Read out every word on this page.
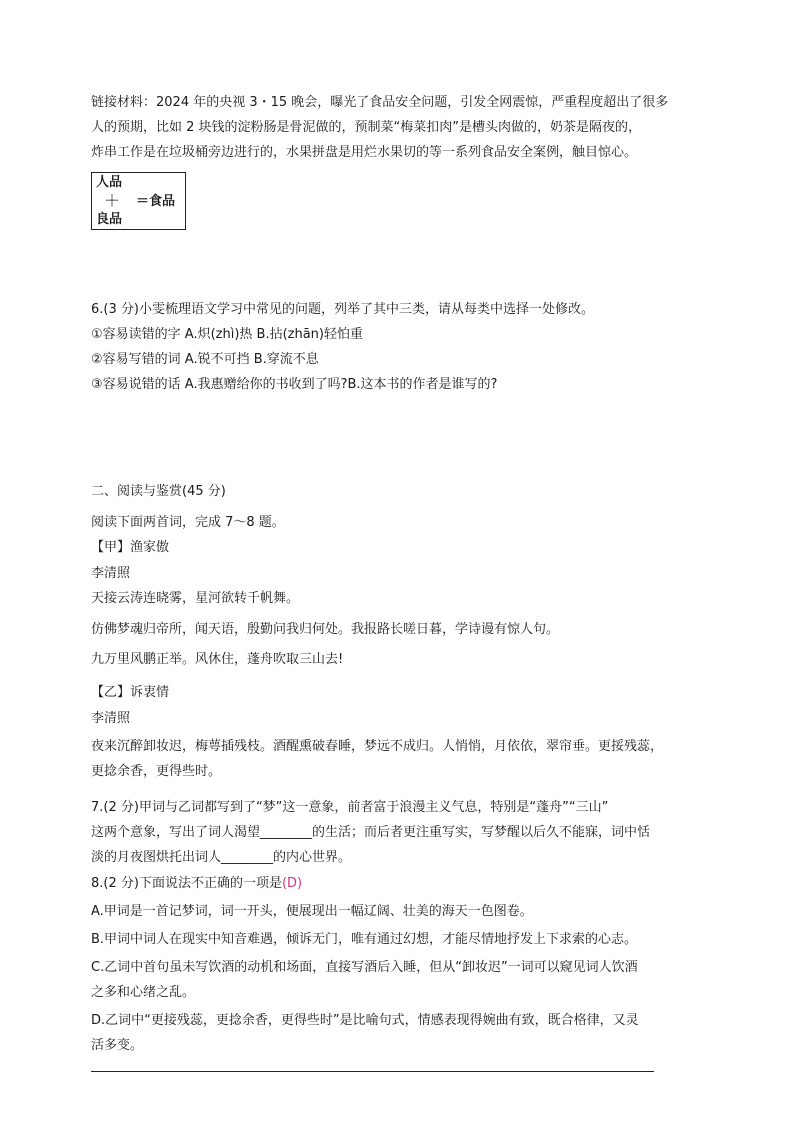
链接材料：2024 年的央视 3・15 晚会，曝光了食品安全问题，引发全网震惊，严重程度超出了很多
人的预期，比如 2 块钱的淀粉肠是骨泥做的，预制菜“梅菜扣肉”是槽头肉做的，奶茶是隔夜的，
炸串工作是在垃圾桶旁边进行的，水果拼盘是用烂水果切的等一系列食品安全案例，触目惊心。
人品
＋ ＝食品
良品
6.(3 分)小雯梳理语文学习中常见的问题，列举了其中三类，请从每类中选择一处修改。
①容易读错的字 A.炽(zhì)热 B.拈(zhān)轻怕重
②容易写错的词 A.锐不可挡 B.穿流不息
③容易说错的话 A.我惠赠给你的书收到了吗?B.这本书的作者是谁写的?
二、阅读与鉴赏(45 分)
阅读下面两首词，完成 7～8 题。
【甲】渔家傲
李清照
天接云涛连晓雾，星河欲转千帆舞。
仿佛梦魂归帝所，闻天语，殷勤问我归何处。我报路长嗟日暮，学诗谩有惊人句。
九万里风鹏正举。风休住，蓬舟吹取三山去!
【乙】诉衷情
李清照
夜来沉醉卸妆迟，梅萼插残枝。酒醒熏破春睡，梦远不成归。人悄悄，月依依，翠帘垂。更挼残蕊，
更捻余香，更得些时。
7.(2 分)甲词与乙词都写到了“梦”这一意象，前者富于浪漫主义气息，特别是“蓬舟”“三山”
这两个意象，写出了词人渴望________的生活；而后者更注重写实，写梦醒以后久不能寐，词中恬
淡的月夜图烘托出词人________的内心世界。
8.(2 分)下面说法不正确的一项是(D)
A.甲词是一首记梦词，词一开头，便展现出一幅辽阔、壮美的海天一色图卷。
B.甲词中词人在现实中知音难遇，倾诉无门，唯有通过幻想，才能尽情地抒发上下求索的心志。
C.乙词中首句虽未写饮酒的动机和场面，直接写酒后入睡，但从“卸妆迟”一词可以窥见词人饮酒
之多和心绪之乱。
D.乙词中“更接残蕊，更捻余香，更得些时”是比喻句式，情感表现得婉曲有致，既合格律，又灵
活多变。
